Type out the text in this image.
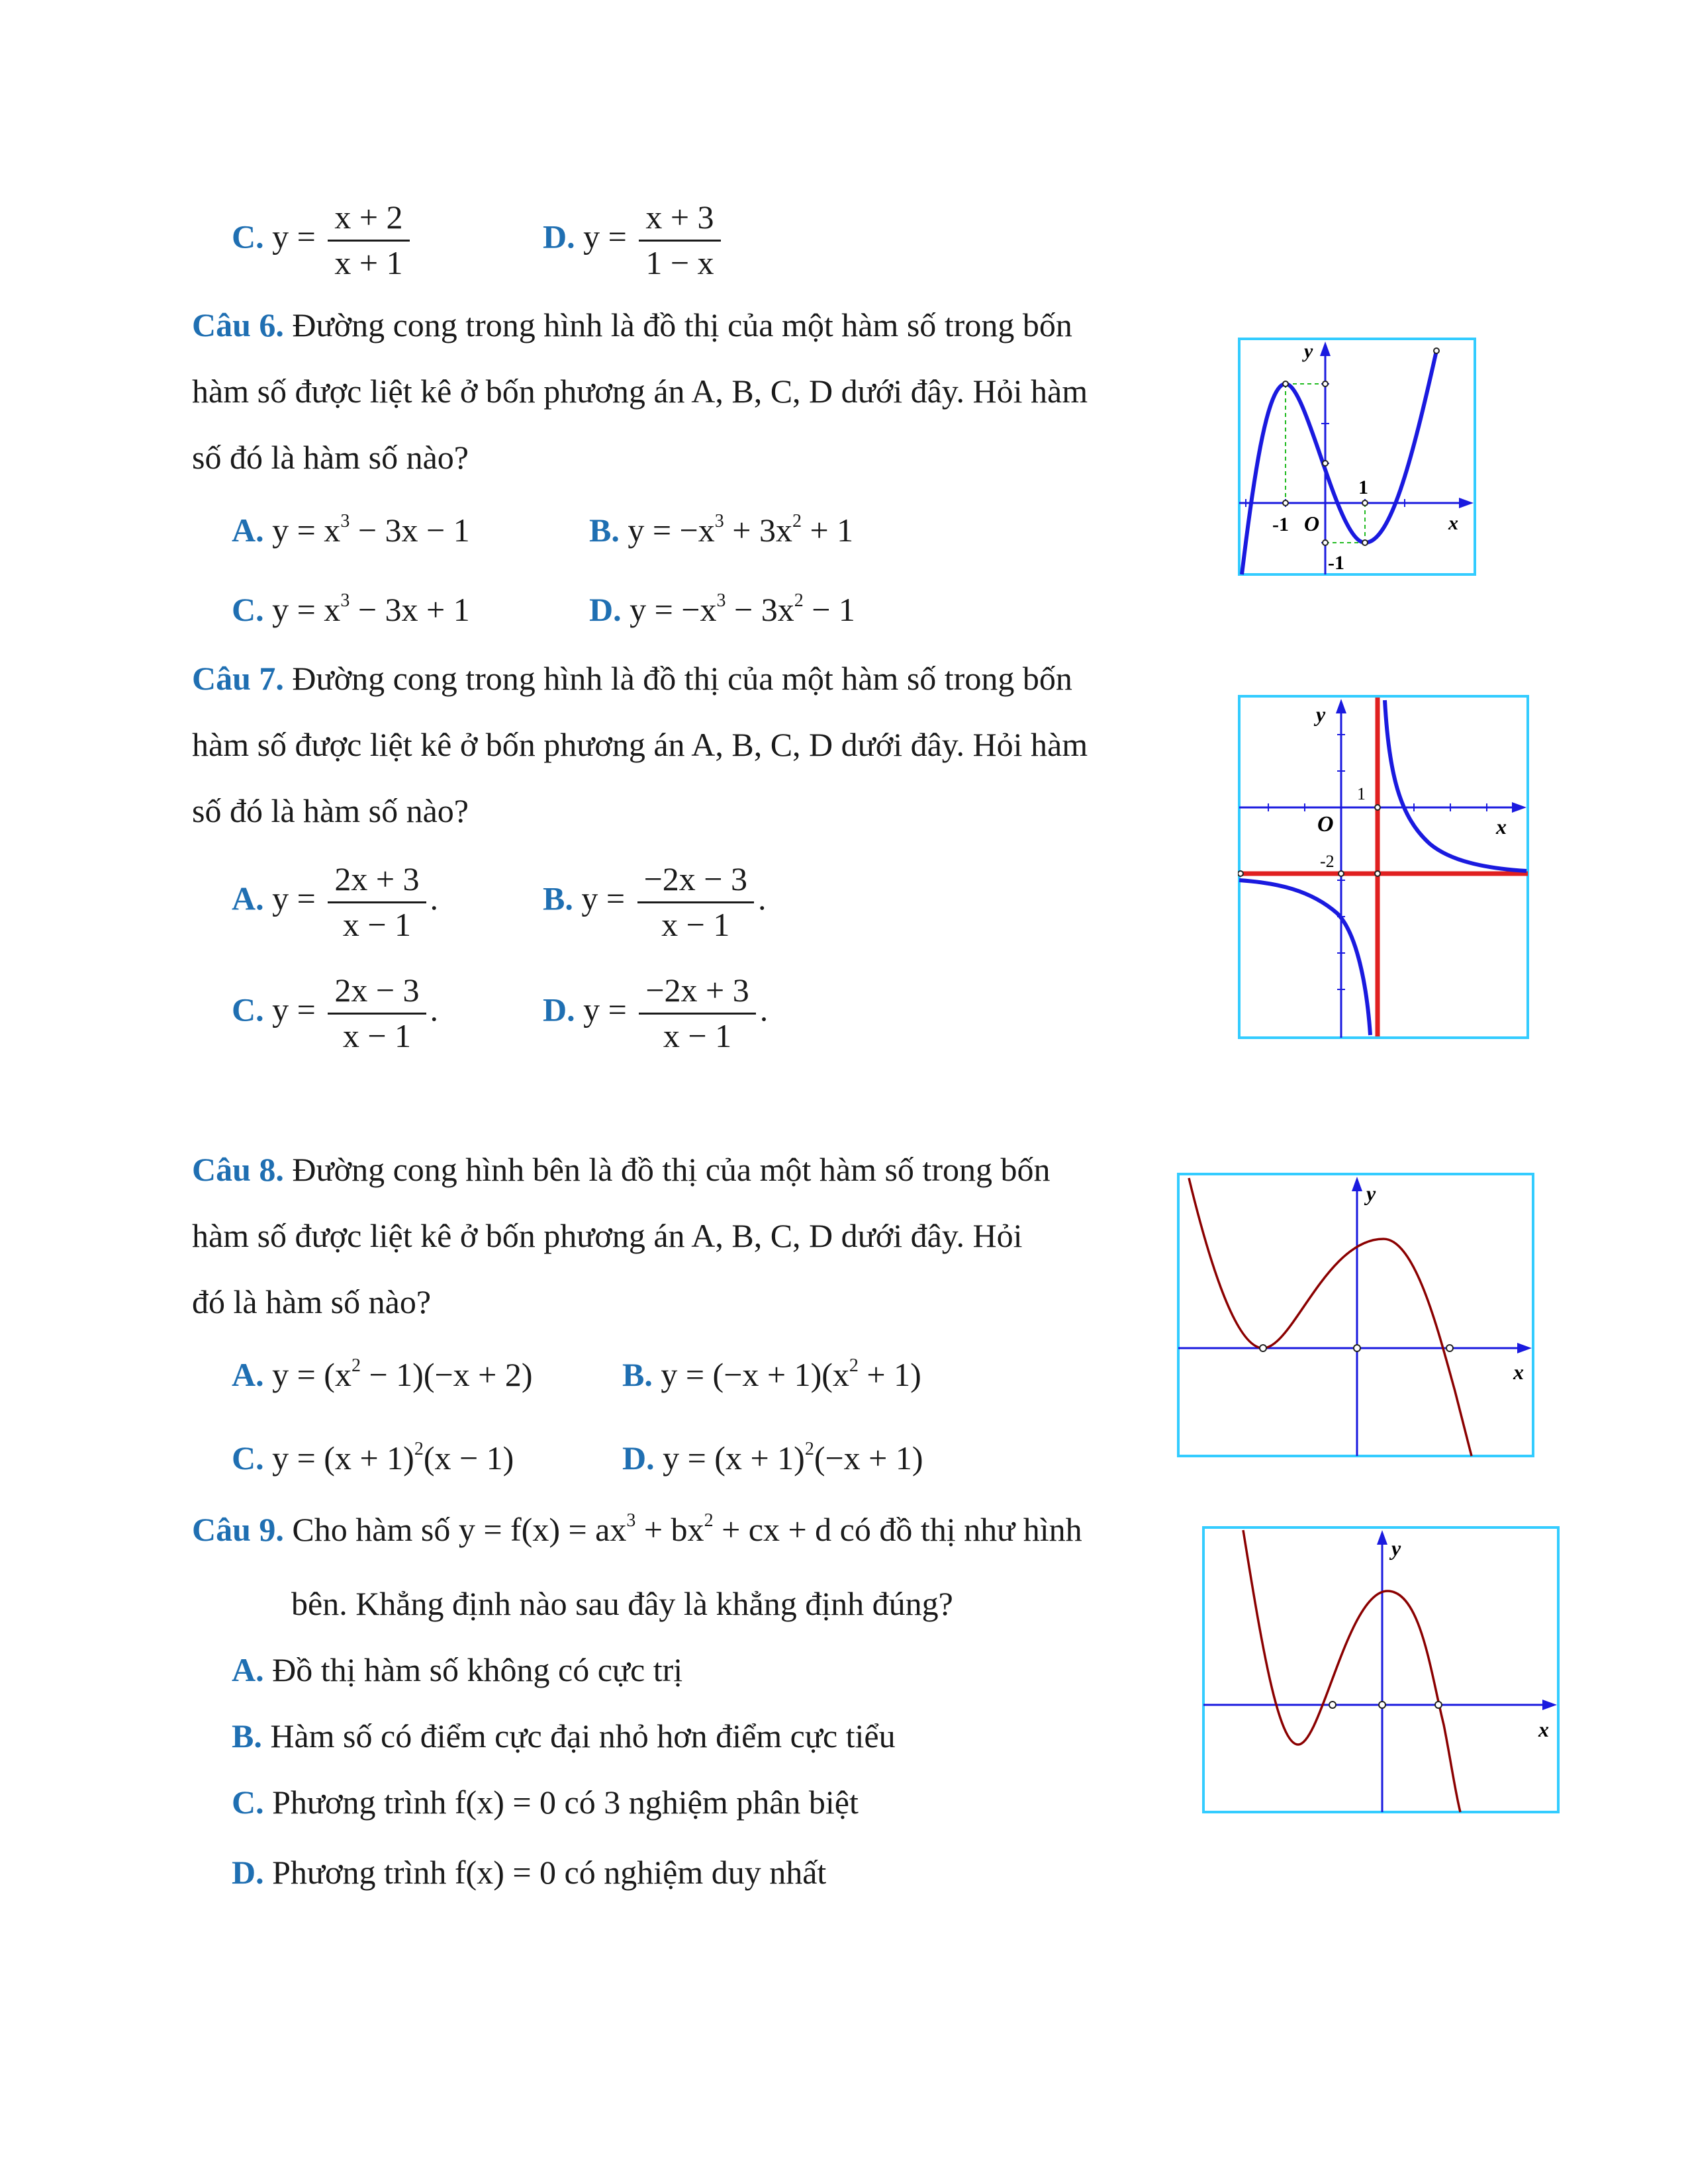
C. $y = \frac{x + 2}{x + 1}$	D. $y = \frac{x + 3}{1 - x}$
Câu 6. Đường cong trong hình là đồ thị của một hàm số trong bốn
hàm số được liệt kê ở bốn phương án A, B, C, D dưới đây. Hỏi hàm
số đó là hàm số nào?
A. $y = x^3 - 3x - 1$	B. $y = -x^3 + 3x^2 + 1$
C. $y = x^3 - 3x + 1$	D. $y = -x^3 - 3x^2 - 1$
y
x
O
-1
1
-1
Câu 7. Đường cong trong hình là đồ thị của một hàm số trong bốn
hàm số được liệt kê ở bốn phương án A, B, C, D dưới đây. Hỏi hàm
số đó là hàm số nào?
A. $y = \frac{2x + 3}{x - 1}$ .	B. $y = \frac{-2x - 3}{x - 1}$ .
C. $y = \frac{2x - 3}{x - 1}$ .	D. $y = \frac{-2x + 3}{x - 1}$ .
y
x
O
1
-2
Câu 8. Đường cong hình bên là đồ thị của một hàm số trong bốn
hàm số được liệt kê ở bốn phương án A, B, C, D dưới đây. Hỏi
đó là hàm số nào?
A. $y = (x^2 - 1)(-x + 2)$	B. $y = (-x + 1)(x^2 + 1)$
C. $y = (x + 1)^2(x - 1)$	D. $y = (x + 1)^2(-x + 1)$
y
x
Câu 9. Cho hàm số $y = f(x) = ax^3 + bx^2$ + cx + d có đồ thị như hình
bên. Khẳng định nào sau đây là khẳng định đúng?
A. Đồ thị hàm số không có cực trị
B. Hàm số có điểm cực đại nhỏ hơn điểm cực tiểu
C. Phương trình f(x) = 0 có 3 nghiệm phân biệt
D. Phương trình f(x) = 0 có nghiệm duy nhất
y
x
